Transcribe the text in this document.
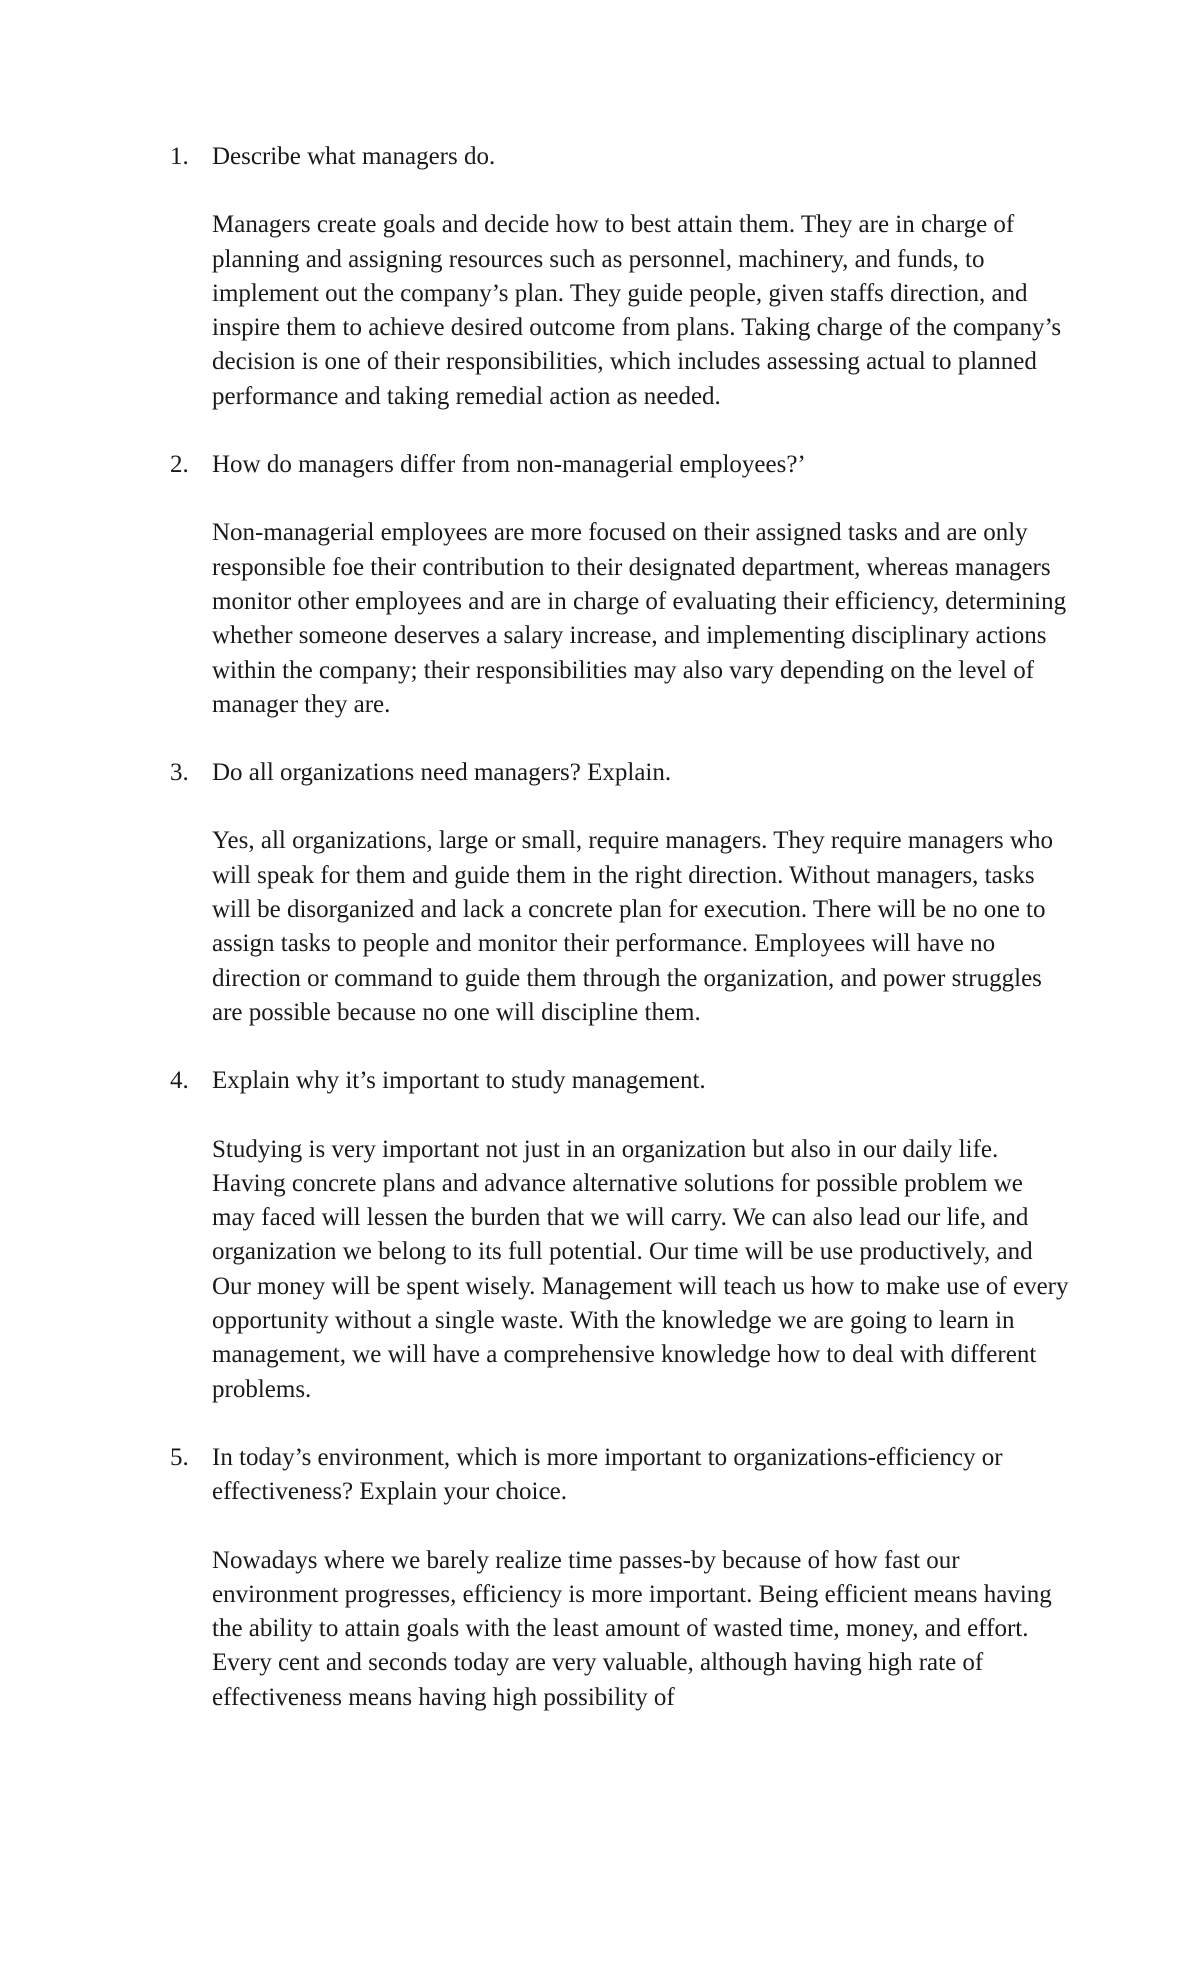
1. Describe what managers do.

Managers create goals and decide how to best attain them. They are in charge of planning and assigning resources such as personnel, machinery, and funds, to implement out the company’s plan. They guide people, given staffs direction, and inspire them to achieve desired outcome from plans. Taking charge of the company’s decision is one of their responsibilities, which includes assessing actual to planned performance and taking remedial action as needed.

2. How do managers differ from non-managerial employees?’

Non-managerial employees are more focused on their assigned tasks and are only responsible foe their contribution to their designated department, whereas managers monitor other employees and are in charge of evaluating their efficiency, determining whether someone deserves a salary increase, and implementing disciplinary actions within the company; their responsibilities may also vary depending on the level of manager they are.

3. Do all organizations need managers? Explain.

Yes, all organizations, large or small, require managers. They require managers who will speak for them and guide them in the right direction. Without managers, tasks will be disorganized and lack a concrete plan for execution. There will be no one to assign tasks to people and monitor their performance. Employees will have no direction or command to guide them through the organization, and power struggles are possible because no one will discipline them.

4. Explain why it’s important to study management.

Studying is very important not just in an organization but also in our daily life. Having concrete plans and advance alternative solutions for possible problem we may faced will lessen the burden that we will carry. We can also lead our life, and organization we belong to its full potential. Our time will be use productively, and Our money will be spent wisely. Management will teach us how to make use of every opportunity without a single waste. With the knowledge we are going to learn in management, we will have a comprehensive knowledge how to deal with different problems.

5. In today’s environment, which is more important to organizations-efficiency or effectiveness? Explain your choice.

Nowadays where we barely realize time passes-by because of how fast our environment progresses, efficiency is more important. Being efficient means having the ability to attain goals with the least amount of wasted time, money, and effort. Every cent and seconds today are very valuable, although having high rate of effectiveness means having high possibility of
